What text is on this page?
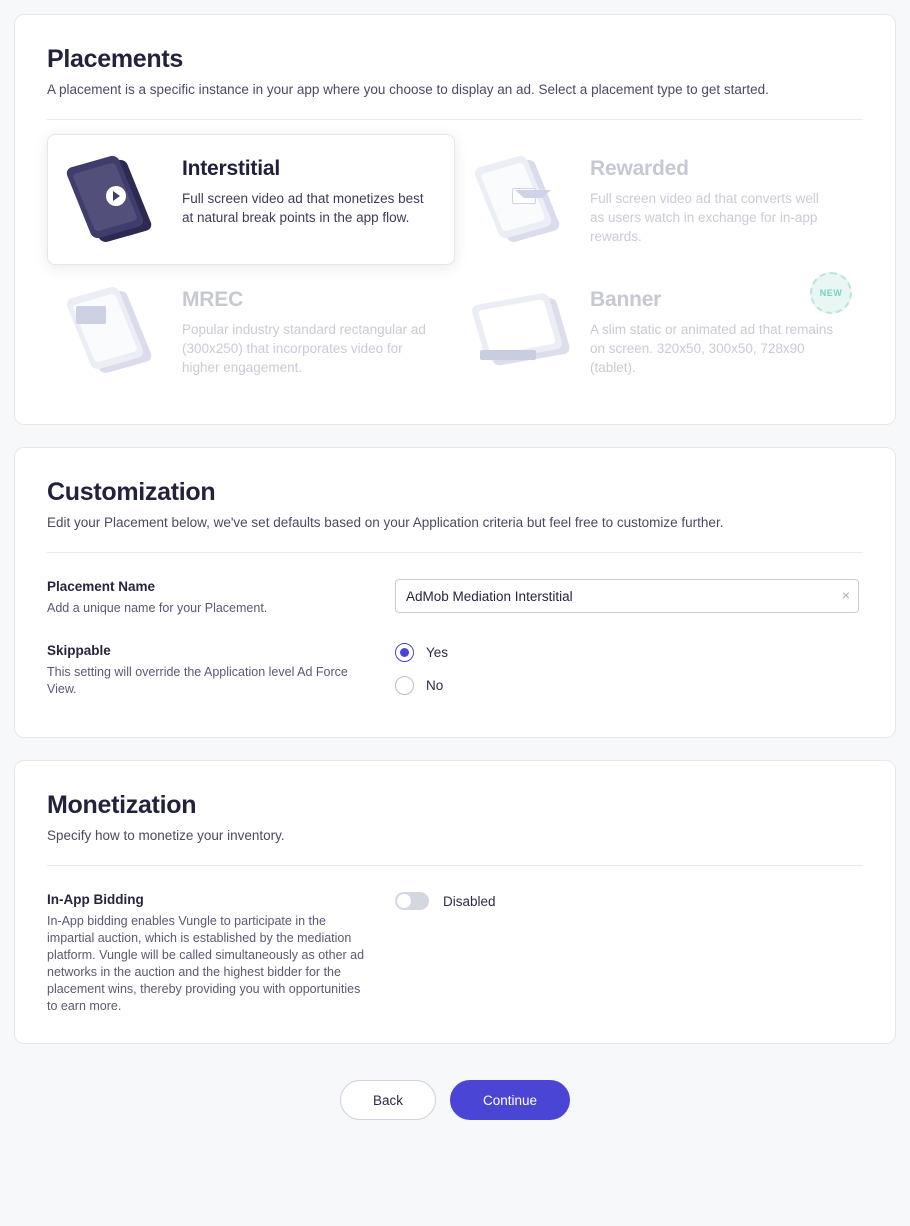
Placements

A placement is a specific instance in your app where you choose to display an ad. Select a placement type to get started.

Interstitial

Full screen video ad that monetizes best at natural break points in the app flow.

Rewarded

Full screen video ad that converts well as users watch in exchange for in-app rewards.

MREC

Popular industry standard rectangular ad (300x250) that incorporates video for higher engagement.

Banner

A slim static or animated ad that remains on screen. 320x50, 300x50, 728x90 (tablet).

NEW
Customization

Edit your Placement below, we've set defaults based on your Application criteria but feel free to customize further.

Placement Name

Add a unique name for your Placement.

AdMob Mediation Interstitial
×

Skippable

This setting will override the Application level Ad Force View.

Yes
No
Monetization

Specify how to monetize your inventory.

In-App Bidding

In-App bidding enables Vungle to participate in the impartial auction, which is established by the mediation platform. Vungle will be called simultaneously as other ad networks in the auction and the highest bidder for the placement wins, thereby providing you with opportunities to earn more.

Disabled
Back	Continue
